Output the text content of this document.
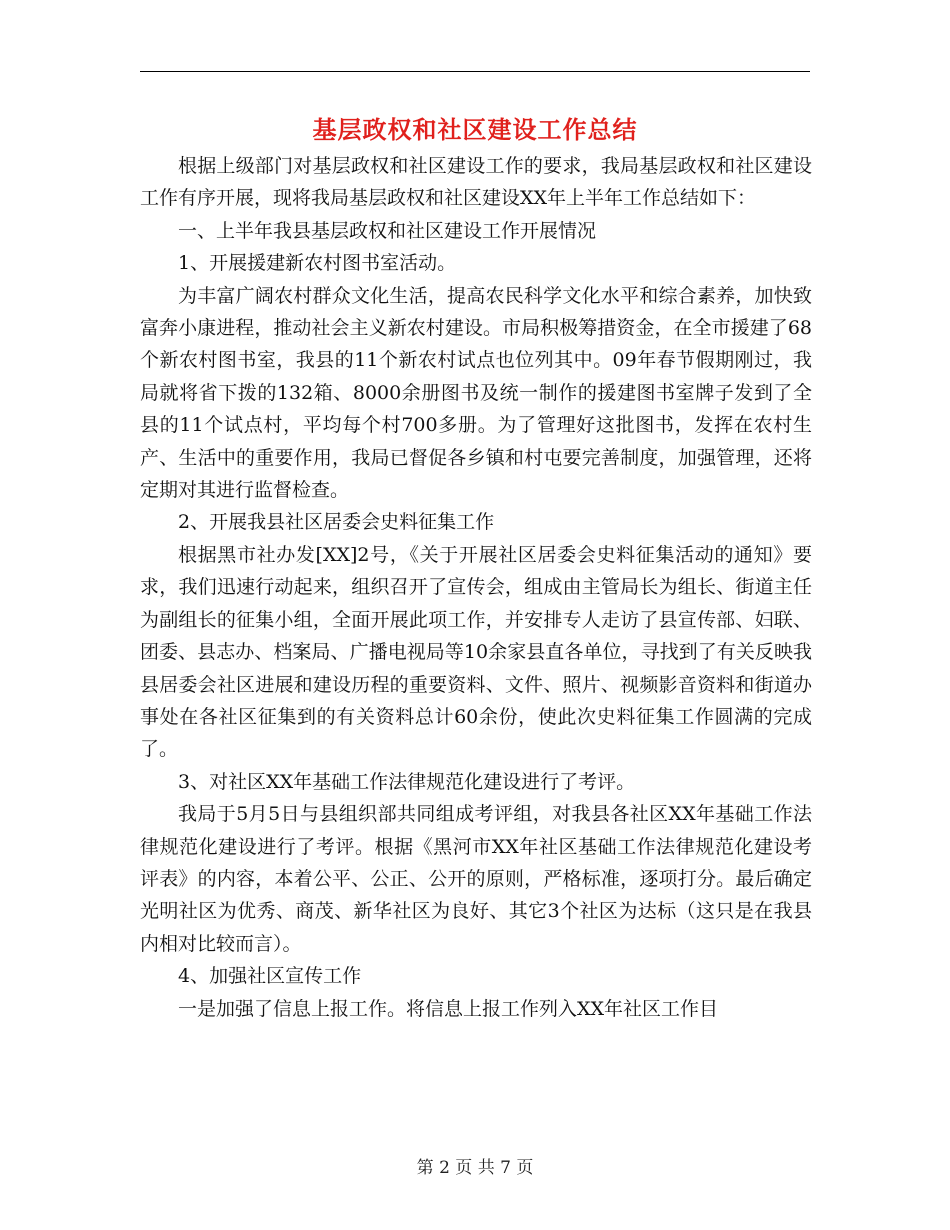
基层政权和社区建设工作总结

根据上级部门对基层政权和社区建设工作的要求，我局基层政权和社区建设工作有序开展，现将我局基层政权和社区建设XX年上半年工作总结如下：

一、上半年我县基层政权和社区建设工作开展情况

1、开展援建新农村图书室活动。

为丰富广阔农村群众文化生活，提高农民科学文化水平和综合素养，加快致富奔小康进程，推动社会主义新农村建设。市局积极筹措资金，在全市援建了68个新农村图书室，我县的11个新农村试点也位列其中。09年春节假期刚过，我局就将省下拨的132箱、8000余册图书及统一制作的援建图书室牌子发到了全县的11个试点村，平均每个村700多册。为了管理好这批图书，发挥在农村生产、生活中的重要作用，我局已督促各乡镇和村屯要完善制度，加强管理，还将定期对其进行监督检查。

2、开展我县社区居委会史料征集工作

根据黑市社办发[XX]2号，《关于开展社区居委会史料征集活动的通知》要求，我们迅速行动起来，组织召开了宣传会，组成由主管局长为组长、街道主任为副组长的征集小组，全面开展此项工作，并安排专人走访了县宣传部、妇联、团委、县志办、档案局、广播电视局等10余家县直各单位，寻找到了有关反映我县居委会社区进展和建设历程的重要资料、文件、照片、视频影音资料和街道办事处在各社区征集到的有关资料总计60余份，使此次史料征集工作圆满的完成了。

3、对社区XX年基础工作法律规范化建设进行了考评。

我局于5月5日与县组织部共同组成考评组，对我县各社区XX年基础工作法律规范化建设进行了考评。根据《黑河市XX年社区基础工作法律规范化建设考评表》的内容，本着公平、公正、公开的原则，严格标准，逐项打分。最后确定光明社区为优秀、商茂、新华社区为良好、其它3个社区为达标（这只是在我县内相对比较而言）。

4、加强社区宣传工作

一是加强了信息上报工作。将信息上报工作列入XX年社区工作目

第 2 页 共 7 页
